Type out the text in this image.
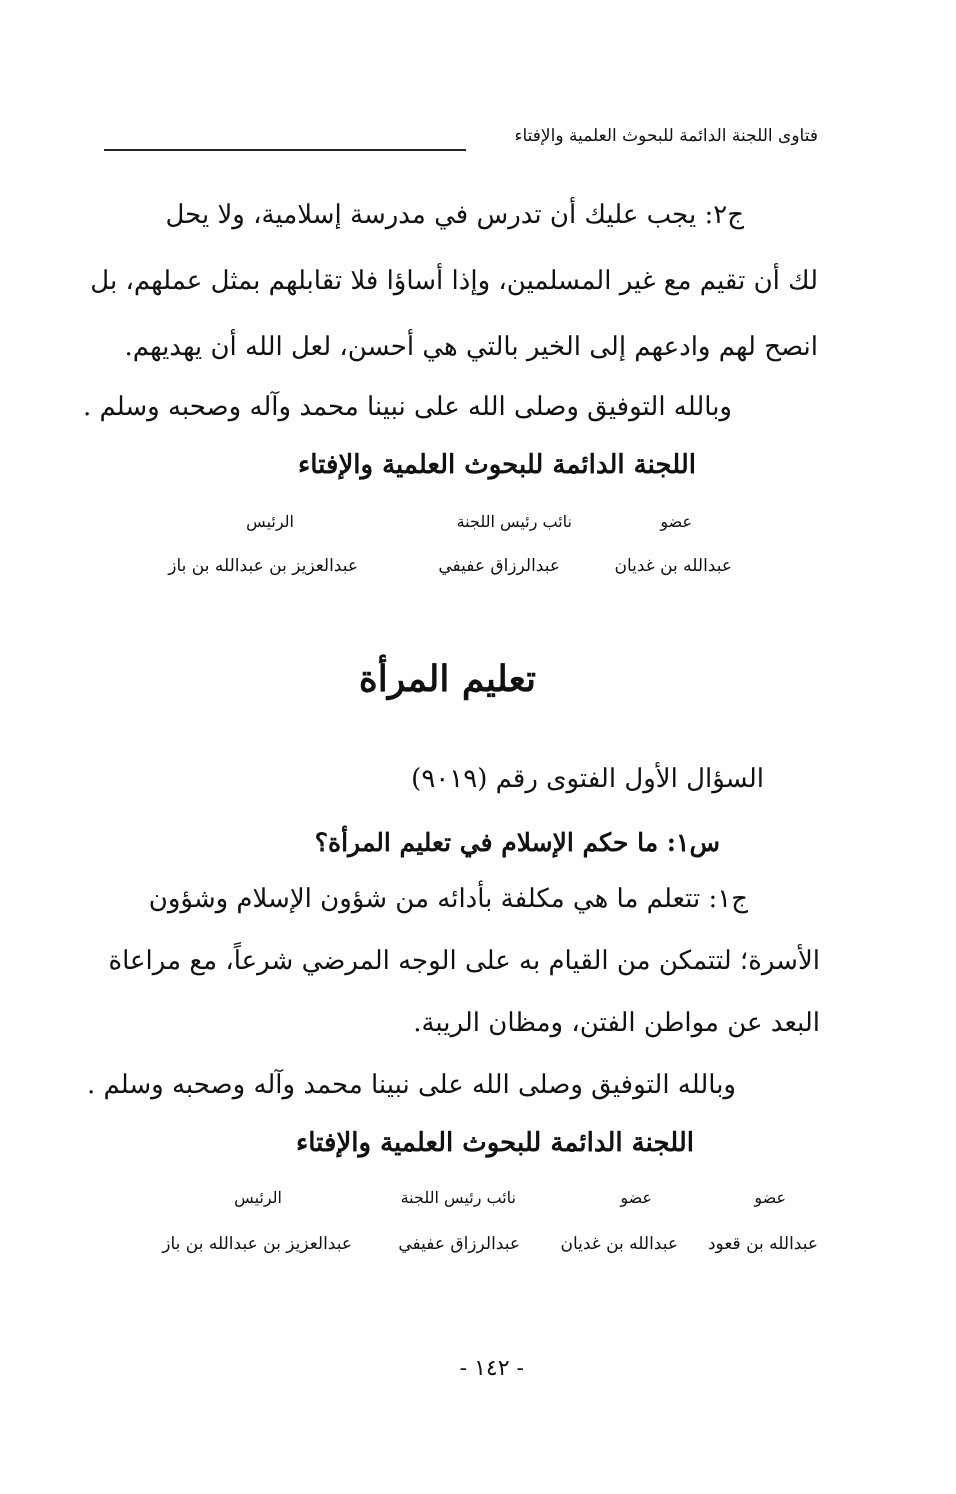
فتاوى اللجنة الدائمة للبحوث العلمية والإفتاء
ج٢: يجب عليك أن تدرس في مدرسة إسلامية، ولا يحل
لك أن تقيم مع غير المسلمين، وإذا أساؤا فلا تقابلهم بمثل عملهم، بل
انصح لهم وادعهم إلى الخير بالتي هي أحسن، لعل الله أن يهديهم.
وبالله التوفيق وصلى الله على نبينا محمد وآله وصحبه وسلم .
اللجنة الدائمة للبحوث العلمية والإفتاء
عضو
نائب رئيس اللجنة
الرئيس
عبدالله بن غديان
عبدالرزاق عفيفي
عبدالعزيز بن عبدالله بن باز
تعليم المرأة
السؤال الأول الفتوى رقم (٩٠١٩)
س١: ما حكم الإسلام في تعليم المرأة؟
ج١: تتعلم ما هي مكلفة بأدائه من شؤون الإسلام وشؤون
الأسرة؛ لتتمكن من القيام به على الوجه المرضي شرعاً، مع مراعاة
البعد عن مواطن الفتن، ومظان الريبة.
وبالله التوفيق وصلى الله على نبينا محمد وآله وصحبه وسلم .
اللجنة الدائمة للبحوث العلمية والإفتاء
عضو
عضو
نائب رئيس اللجنة
الرئيس
عبدالله بن قعود
عبدالله بن غديان
عبدالرزاق عفيفي
عبدالعزيز بن عبدالله بن باز
- ١٤٢ -
